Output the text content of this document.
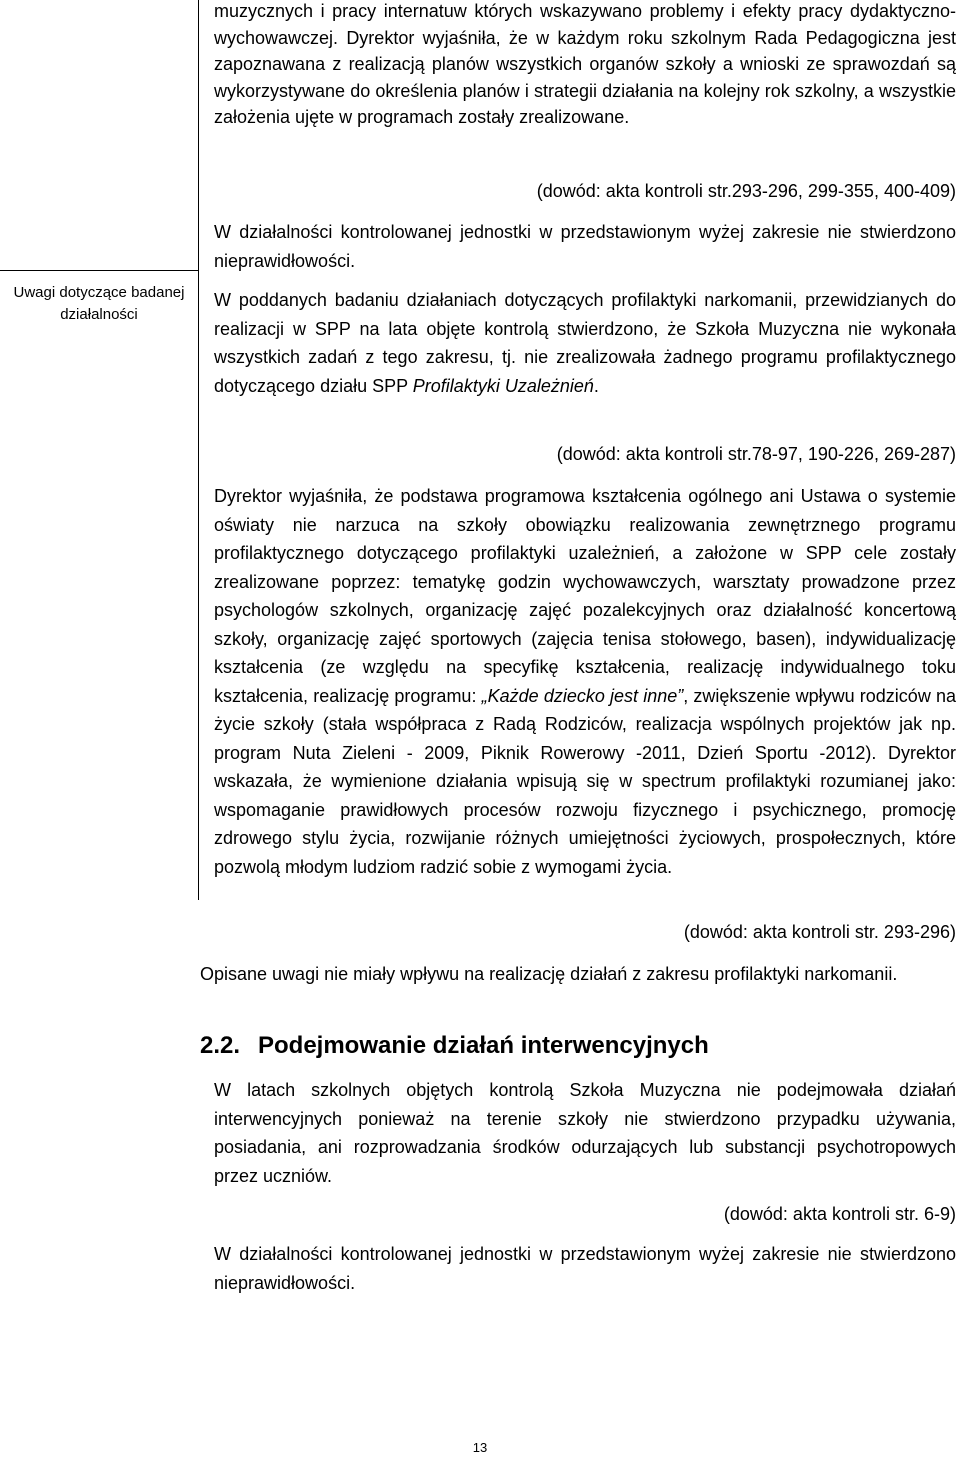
Uwagi dotyczące badanej działalności

muzycznych i pracy internatuw których wskazywano problemy i efekty pracy dydaktyczno-wychowawczej. Dyrektor wyjaśniła, że w każdym roku szkolnym Rada Pedagogiczna jest zapoznawana z realizacją planów wszystkich organów szkoły a wnioski ze sprawozdań są wykorzystywane do określenia planów i strategii działania na kolejny rok szkolny, a wszystkie założenia ujęte w programach zostały zrealizowane.

(dowód: akta kontroli str.293-296, 299-355, 400-409)

W działalności kontrolowanej jednostki w przedstawionym wyżej zakresie nie stwierdzono nieprawidłowości.

W poddanych badaniu działaniach dotyczących profilaktyki narkomanii, przewidzianych do realizacji w SPP na lata objęte kontrolą stwierdzono, że Szkoła Muzyczna nie wykonała wszystkich zadań z tego zakresu, tj. nie zrealizowała żadnego programu profilaktycznego dotyczącego działu SPP Profilaktyki Uzależnień.

(dowód: akta kontroli str.78-97, 190-226, 269-287)

Dyrektor wyjaśniła, że podstawa programowa kształcenia ogólnego ani Ustawa o systemie oświaty nie narzuca na szkoły obowiązku realizowania zewnętrznego programu profilaktycznego dotyczącego profilaktyki uzależnień, a założone w SPP cele zostały zrealizowane poprzez: tematykę godzin wychowawczych, warsztaty prowadzone przez psychologów szkolnych, organizację zajęć pozalekcyjnych oraz działalność koncertową szkoły, organizację zajęć sportowych (zajęcia tenisa stołowego, basen), indywidualizację kształcenia (ze względu na specyfikę kształcenia, realizację indywidualnego toku kształcenia, realizację programu: „Każde dziecko jest inne”, zwiększenie wpływu rodziców na życie szkoły (stała współpraca z Radą Rodziców, realizacja wspólnych projektów jak np. program Nuta Zieleni - 2009, Piknik Rowerowy -2011, Dzień Sportu -2012). Dyrektor wskazała, że wymienione działania wpisują się w spectrum profilaktyki rozumianej jako: wspomaganie prawidłowych procesów rozwoju fizycznego i psychicznego, promocję zdrowego stylu życia, rozwijanie różnych umiejętności życiowych, prospołecznych, które pozwolą młodym ludziom radzić sobie z wymogami życia.

(dowód: akta kontroli str. 293-296)

Opisane uwagi nie miały wpływu na realizację działań z zakresu profilaktyki narkomanii.

2.2. Podejmowanie działań interwencyjnych

W latach szkolnych objętych kontrolą Szkoła Muzyczna nie podejmowała działań interwencyjnych ponieważ na terenie szkoły nie stwierdzono przypadku używania, posiadania, ani rozprowadzania środków odurzających lub substancji psychotropowych przez uczniów.

(dowód: akta kontroli str. 6-9)

W działalności kontrolowanej jednostki w przedstawionym wyżej zakresie nie stwierdzono nieprawidłowości.

13
